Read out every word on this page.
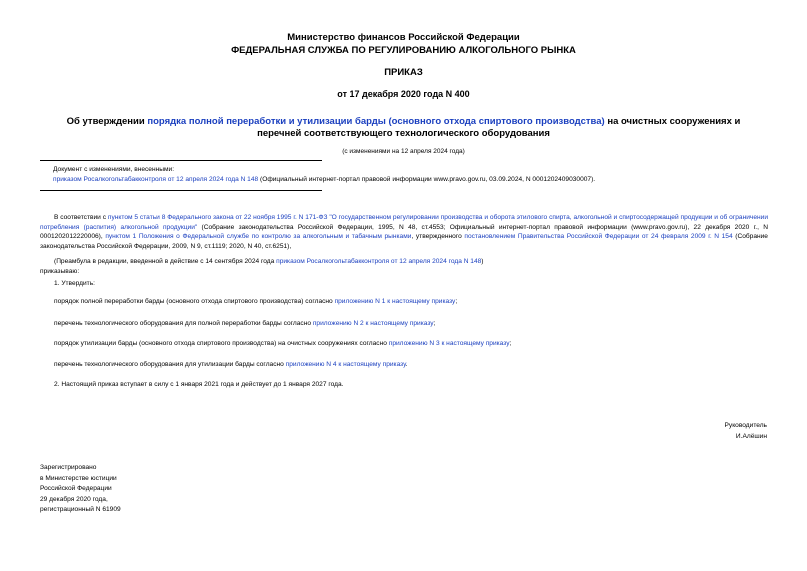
Министерство финансов Российской Федерации
ФЕДЕРАЛЬНАЯ СЛУЖБА ПО РЕГУЛИРОВАНИЮ АЛКОГОЛЬНОГО РЫНКА
ПРИКАЗ
от 17 декабря 2020 года N 400
Об утверждении порядка полной переработки и утилизации барды (основного отхода спиртового производства) на очистных сооружениях и перечней соответствующего технологического оборудования
(с изменениями на 12 апреля 2024 года)
Документ с изменениями, внесенными:
приказом Росалкогольтабакконтроля от 12 апреля 2024 года N 148 (Официальный интернет-портал правовой информации www.pravo.gov.ru, 03.09.2024, N 0001202409030007).
В соответствии с пунктом 5 статьи 8 Федерального закона от 22 ноября 1995 г. N 171-ФЗ "О государственном регулировании производства и оборота этилового спирта, алкогольной и спиртосодержащей продукции и об ограничении потребления (распития) алкогольной продукции" (Собрание законодательства Российской Федерации, 1995, N 48, ст.4553; Официальный интернет-портал правовой информации (www.pravo.gov.ru), 22 декабря 2020 г., N 0001202012220006), пунктом 1 Положения о Федеральной службе по контролю за алкогольным и табачным рынками, утвержденного постановлением Правительства Российской Федерации от 24 февраля 2009 г. N 154 (Собрание законодательства Российской Федерации, 2009, N 9, ст.1119; 2020, N 40, ст.6251),
(Преамбула в редакции, введенной в действие с 14 сентября 2024 года приказом Росалкогольтабакконтроля от 12 апреля 2024 года N 148)
приказываю:
1. Утвердить:
порядок полной переработки барды (основного отхода спиртового производства) согласно приложению N 1 к настоящему приказу;
перечень технологического оборудования для полной переработки барды согласно приложению N 2 к настоящему приказу;
порядок утилизации барды (основного отхода спиртового производства) на очистных сооружениях согласно приложению N 3 к настоящему приказу;
перечень технологического оборудования для утилизации барды согласно приложению N 4 к настоящему приказу.
2. Настоящий приказ вступает в силу с 1 января 2021 года и действует до 1 января 2027 года.
Руководитель
И.Алёшин
Зарегистрировано
в Министерстве юстиции
Российской Федерации
29 декабря 2020 года,
регистрационный N 61909
